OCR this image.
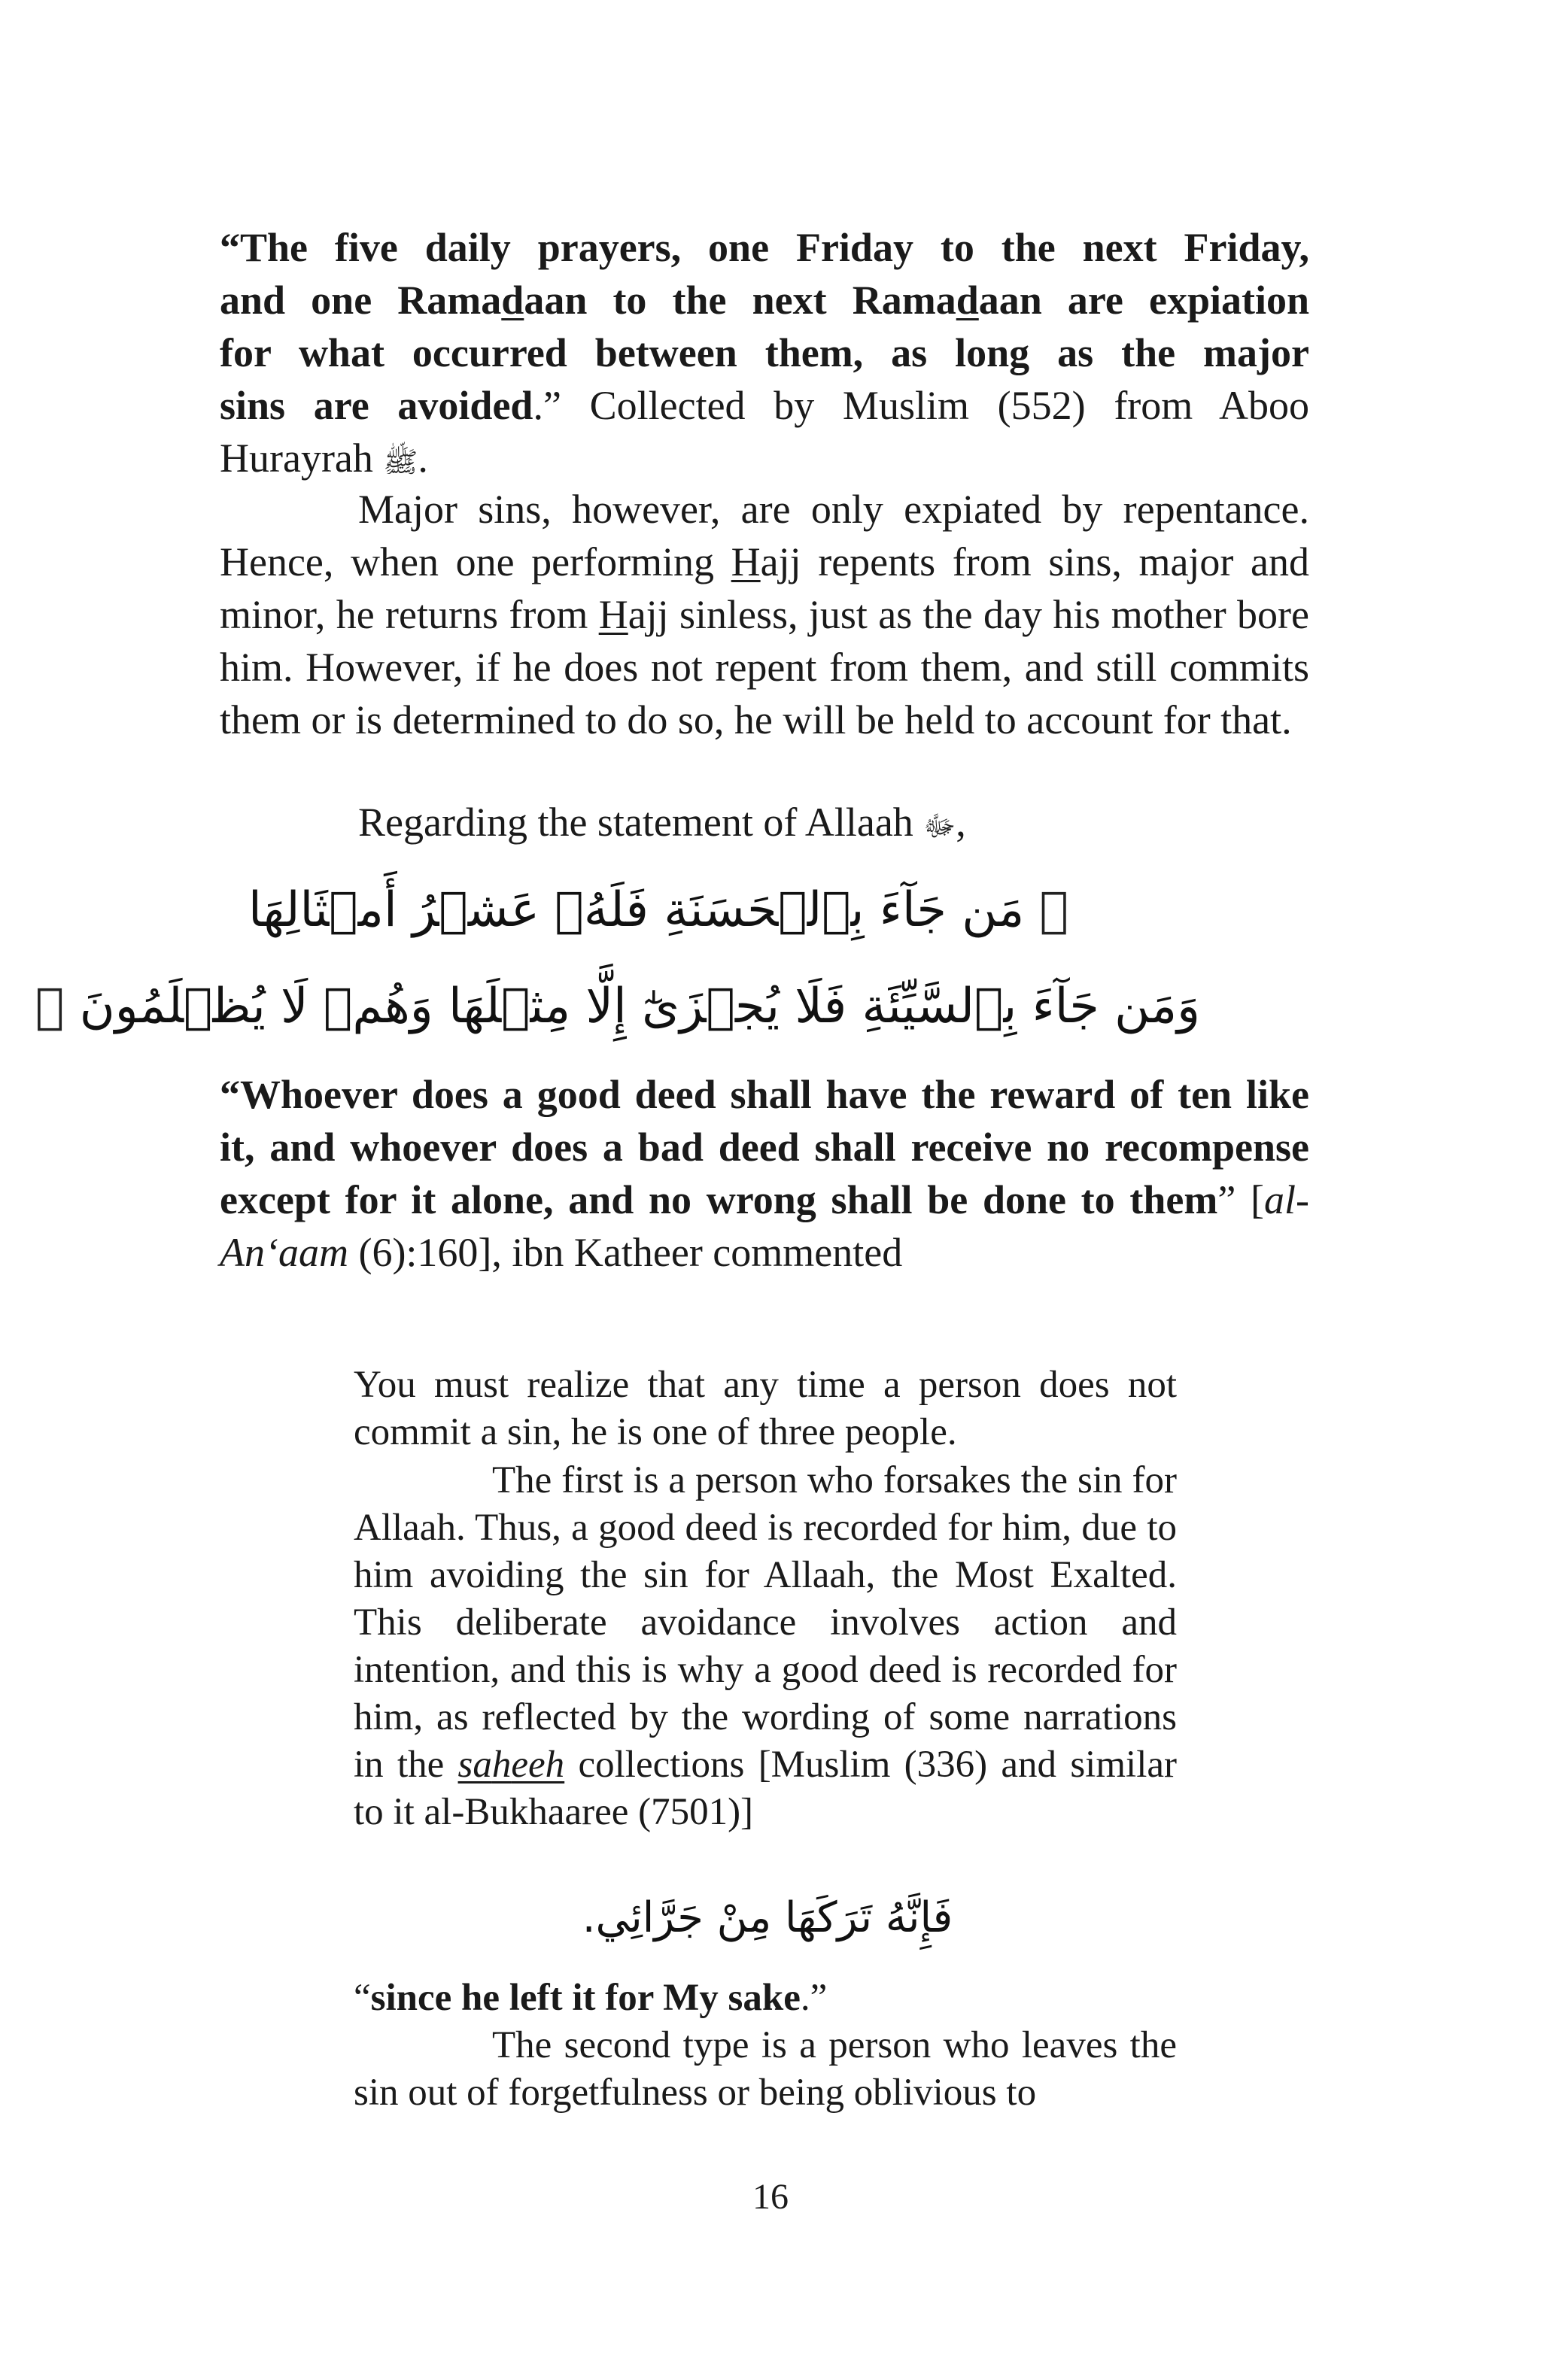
“The five daily prayers, one Friday to the next Friday,
and one Ramadaan to the next Ramadaan are expiation
for what occurred between them, as long as the major
sins are avoided.” Collected by Muslim (552) from Aboo
Hurayrah ﷺ.
Major sins, however, are only expiated by repentance. Hence, when one performing Hajj repents from sins, major and minor, he returns from Hajj sinless, just as the day his mother bore him. However, if he does not repent from them, and still commits them or is determined to do so, he will be held to account for that.
Regarding the statement of Allaah ﷻ,
﴿ مَن جَآءَ بِٱلۡحَسَنَةِ فَلَهُۥ عَشۡرُ أَمۡثَالِهَا
وَمَن جَآءَ بِٱلسَّيِّئَةِ فَلَا يُجۡزَىٰٓ إِلَّا مِثۡلَهَا وَهُمۡ لَا يُظۡلَمُونَ ﴾
“Whoever does a good deed shall have the reward of ten like it, and whoever does a bad deed shall receive no recompense except for it alone, and no wrong shall be done to them” [al-An‘aam (6):160], ibn Katheer commented
You must realize that any time a person does not commit a sin, he is one of three people.
The first is a person who forsakes the sin for Allaah. Thus, a good deed is recorded for him, due to him avoiding the sin for Allaah, the Most Exalted. This deliberate avoidance involves action and intention, and this is why a good deed is recorded for him, as reflected by the wording of some narrations in the saheeh collections [Muslim (336) and similar to it al-Bukhaaree (7501)]
فَإِنَّهُ تَرَكَهَا مِنْ جَرَّائِي.
“since he left it for My sake.”
The second type is a person who leaves the sin out of forgetfulness or being oblivious to
16
